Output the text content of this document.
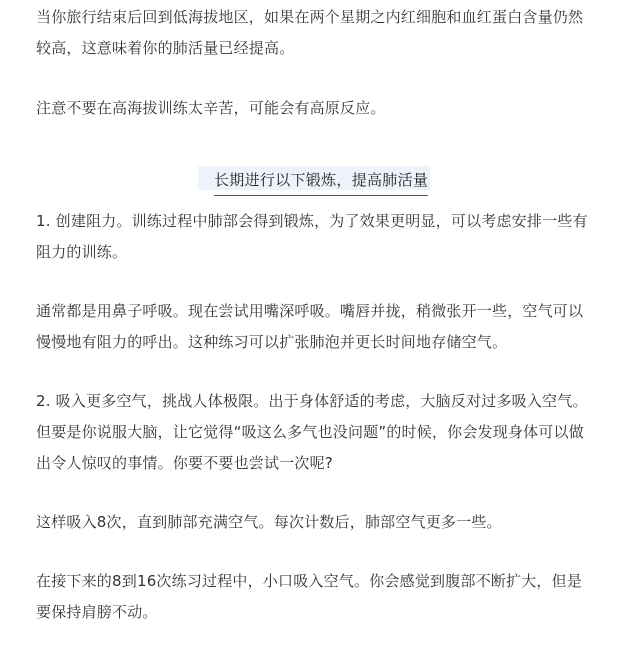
当你旅行结束后回到低海拔地区，如果在两个星期之内红细胞和血红蛋白含量仍然较高，这意味着你的肺活量已经提高。

注意不要在高海拔训练太辛苦，可能会有高原反应。

长期进行以下锻炼，提高肺活量

1. 创建阻力。训练过程中肺部会得到锻炼，为了效果更明显，可以考虑安排一些有阻力的训练。

通常都是用鼻子呼吸。现在尝试用嘴深呼吸。嘴唇并拢，稍微张开一些，空气可以慢慢地有阻力的呼出。这种练习可以扩张肺泡并更长时间地存储空气。

2. 吸入更多空气，挑战人体极限。出于身体舒适的考虑，大脑反对过多吸入空气。但要是你说服大脑，让它觉得“吸这么多气也没问题”的时候，你会发现身体可以做出令人惊叹的事情。你要不要也尝试一次呢?

这样吸入8次，直到肺部充满空气。每次计数后，肺部空气更多一些。

在接下来的8到16次练习过程中，小口吸入空气。你会感觉到腹部不断扩大，但是要保持肩膀不动。
